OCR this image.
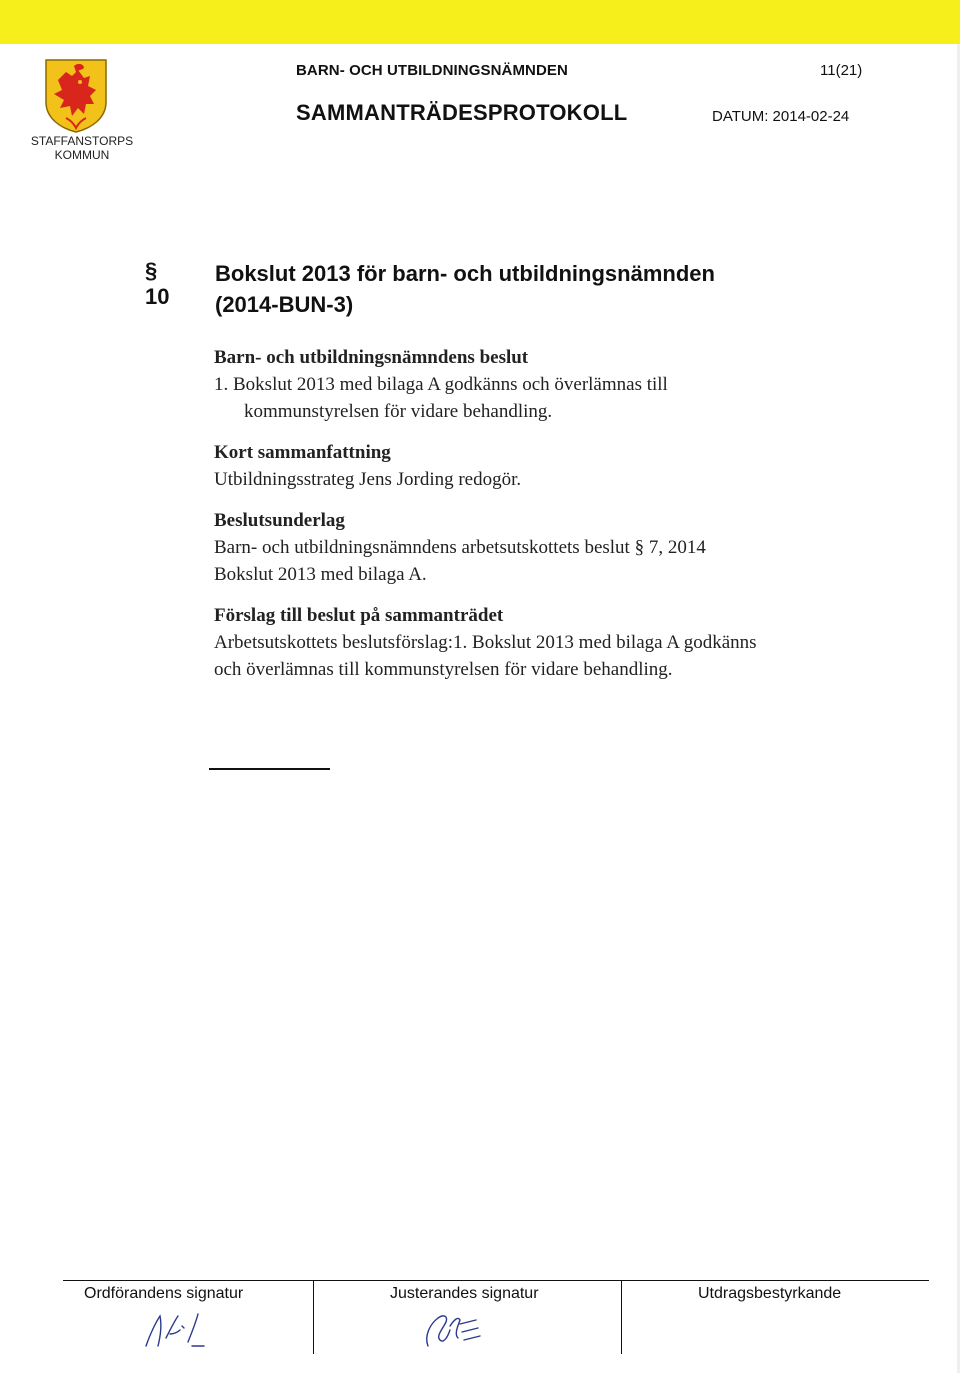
STAFFANSTORPS
KOMMUN
BARN- OCH UTBILDNINGSNÄMNDEN	11(21)
SAMMANTRÄDESPROTOKOLL	DATUM: 2014-02-24
§ 10
Bokslut 2013 för barn- och utbildningsnämnden
(2014-BUN-3)
Barn- och utbildningsnämndens beslut
1. Bokslut 2013 med bilaga A godkänns och överlämnas till
kommunstyrelsen för vidare behandling.
Kort sammanfattning
Utbildningsstrateg Jens Jording redogör.
Beslutsunderlag
Barn- och utbildningsnämndens arbetsutskottets beslut § 7, 2014
Bokslut 2013 med bilaga A.
Förslag till beslut på sammanträdet
Arbetsutskottets beslutsförslag:1. Bokslut 2013 med bilaga A godkänns
och överlämnas till kommunstyrelsen för vidare behandling.
Ordförandens signatur	Justerandes signatur	Utdragsbestyrkande
